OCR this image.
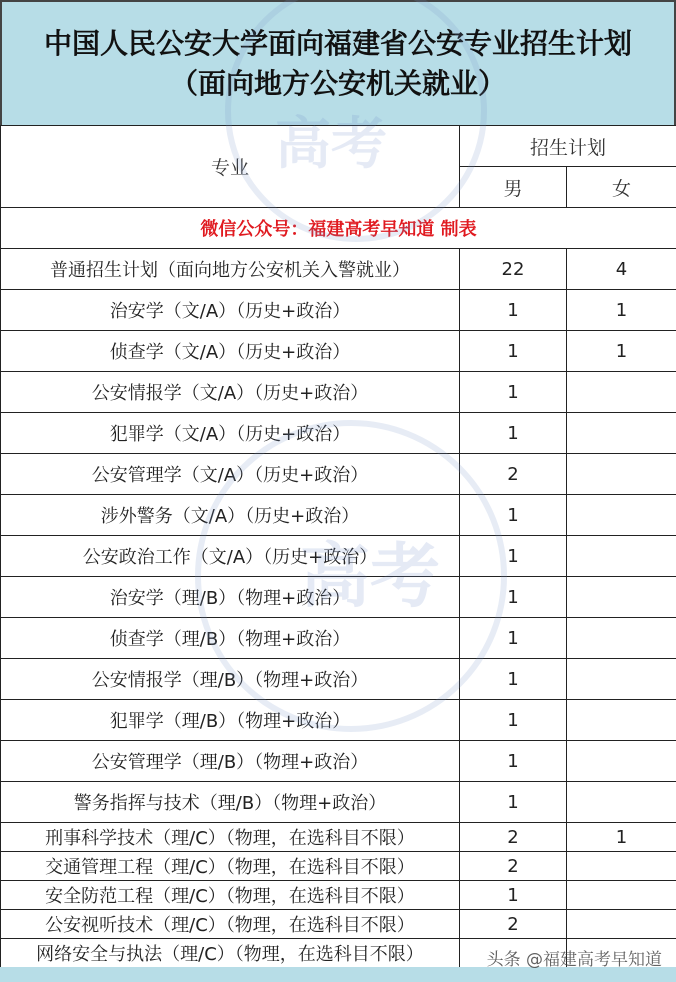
中国人民公安大学面向福建省公安专业招生计划
（面向地方公安机关就业）
专业	招生计划	
	男	女
微信公众号：福建高考早知道 制表		
普通招生计划（面向地方公安机关入警就业）	22	4
治安学（文/A）（历史+政治）	1	1
侦查学（文/A）（历史+政治）	1	1
公安情报学（文/A）（历史+政治）	1	
犯罪学（文/A）（历史+政治）	1	
公安管理学（文/A）（历史+政治）	2	
涉外警务（文/A）（历史+政治）	1	
公安政治工作（文/A）（历史+政治）	1	
治安学（理/B）（物理+政治）	1	
侦查学（理/B）（物理+政治）	1	
公安情报学（理/B）（物理+政治）	1	
犯罪学（理/B）（物理+政治）	1	
公安管理学（理/B）（物理+政治）	1	
警务指挥与技术（理/B）（物理+政治）	1	
刑事科学技术（理/C）（物理，在选科目不限）	2	1
交通管理工程（理/C）（物理，在选科目不限）	2	
安全防范工程（理/C）（物理，在选科目不限）	1	
公安视听技术（理/C）（物理，在选科目不限）	2	
网络安全与执法（理/C）（物理，在选科目不限）			头条 @福建高考早知道
